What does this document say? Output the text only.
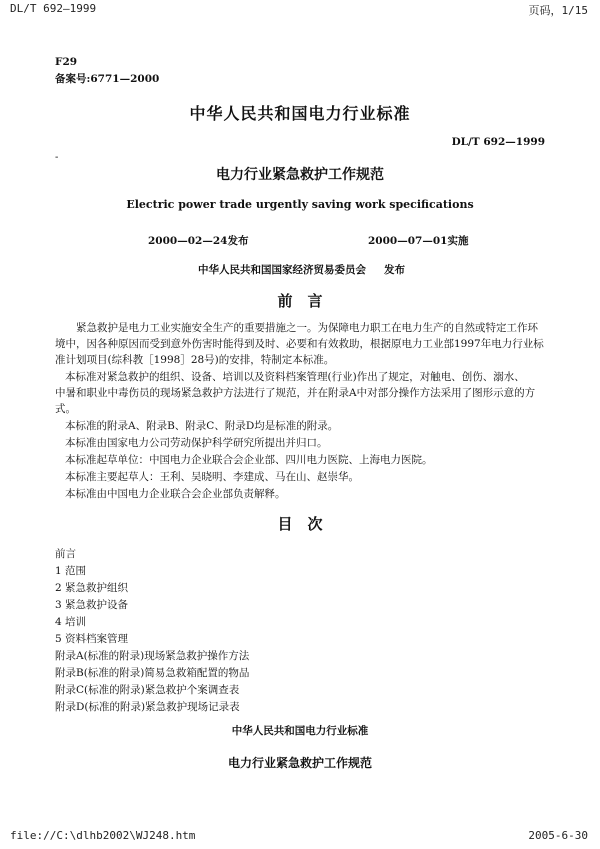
DL/T 692—1999	页码，1/15
F29
备案号:6771—2000
中华人民共和国电力行业标准
DL/T 692—1999
-
电力行业紧急救护工作规范
Electric power trade urgently saving work specifications
2000—02—24发布	2000—07—01实施
中华人民共和国国家经济贸易委员会 发布
前　言
紧急救护是电力工业实施安全生产的重要措施之一。为保障电力职工在电力生产的自然或特定工作环
境中，因各种原因而受到意外伤害时能得到及时、必要和有效救助，根据原电力工业部1997年电力行业标
准计划项目(综科教［1998］28号)的安排，特制定本标准。
本标准对紧急救护的组织、设备、培训以及资料档案管理(行业)作出了规定，对触电、创伤、溺水、
中暑和职业中毒伤员的现场紧急救护方法进行了规范，并在附录A中对部分操作方法采用了图形示意的方
式。
本标准的附录A、附录B、附录C、附录D均是标准的附录。
本标准由国家电力公司劳动保护科学研究所提出并归口。
本标准起草单位：中国电力企业联合会企业部、四川电力医院、上海电力医院。
本标准主要起草人：王利、吴晓明、李建成、马在山、赵崇华。
本标准由中国电力企业联合会企业部负责解释。
目　次
前言
1 范围
2 紧急救护组织
3 紧急救护设备
4 培训
5 资料档案管理
附录A(标准的附录)现场紧急救护操作方法
附录B(标准的附录)简易急救箱配置的物品
附录C(标准的附录)紧急救护个案调查表
附录D(标准的附录)紧急救护现场记录表
中华人民共和国电力行业标准
电力行业紧急救护工作规范
file://C:\dlhb2002\WJ248.htm	2005-6-30
